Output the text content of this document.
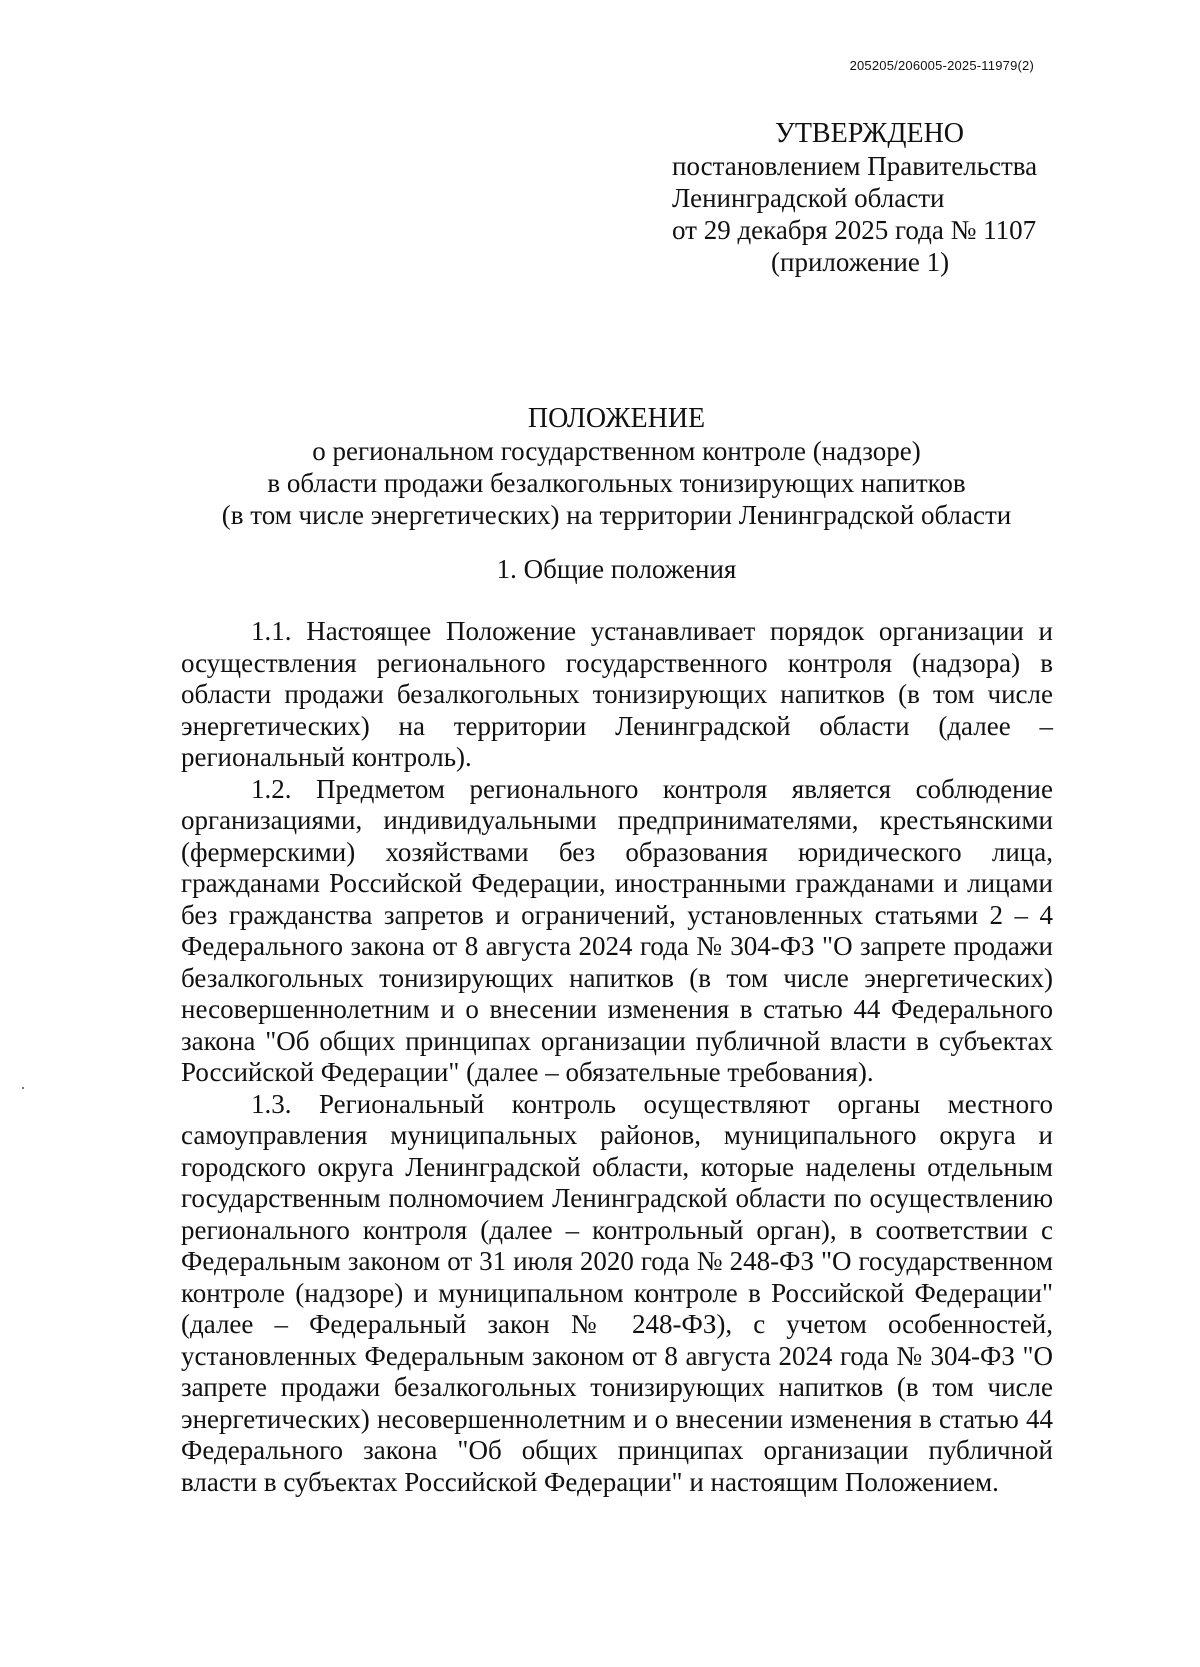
205205/206005-2025-11979(2)
УТВЕРЖДЕНО
постановлением Правительства
Ленинградской области
от 29 декабря 2025 года № 1107
(приложение 1)
ПОЛОЖЕНИЕ
о региональном государственном контроле (надзоре)
в области продажи безалкогольных тонизирующих напитков
(в том числе энергетических) на территории Ленинградской области
1. Общие положения

1.1. Настоящее Положение устанавливает порядок организации и осуществления регионального государственного контроля (надзора) в области продажи безалкогольных тонизирующих напитков (в том числе энергетических) на территории Ленинградской области (далее – региональный контроль).

1.2. Предметом регионального контроля является соблюдение организациями, индивидуальными предпринимателями, крестьянскими (фермерскими) хозяйствами без образования юридического лица, гражданами Российской Федерации, иностранными гражданами и лицами без гражданства запретов и ограничений, установленных статьями 2 – 4 Федерального закона от 8 августа 2024 года № 304-ФЗ "О запрете продажи безалкогольных тонизирующих напитков (в том числе энергетических) несовершеннолетним и о внесении изменения в статью 44 Федерального закона "Об общих принципах организации публичной власти в субъектах Российской Федерации" (далее – обязательные требования).

1.3. Региональный контроль осуществляют органы местного самоуправления муниципальных районов, муниципального округа и городского округа Ленинградской области, которые наделены отдельным государственным полномочием Ленинградской области по осуществлению регионального контроля (далее – контрольный орган), в соответствии с Федеральным законом от 31 июля 2020 года № 248-ФЗ "О государственном контроле (надзоре) и муниципальном контроле в Российской Федерации" (далее – Федеральный закон № 248-ФЗ), с учетом особенностей, установленных Федеральным законом от 8 августа 2024 года № 304-ФЗ "О запрете продажи безалкогольных тонизирующих напитков (в том числе энергетических) несовершеннолетним и о внесении изменения в статью 44 Федерального закона "Об общих принципах организации публичной власти в субъектах Российской Федерации" и настоящим Положением.
